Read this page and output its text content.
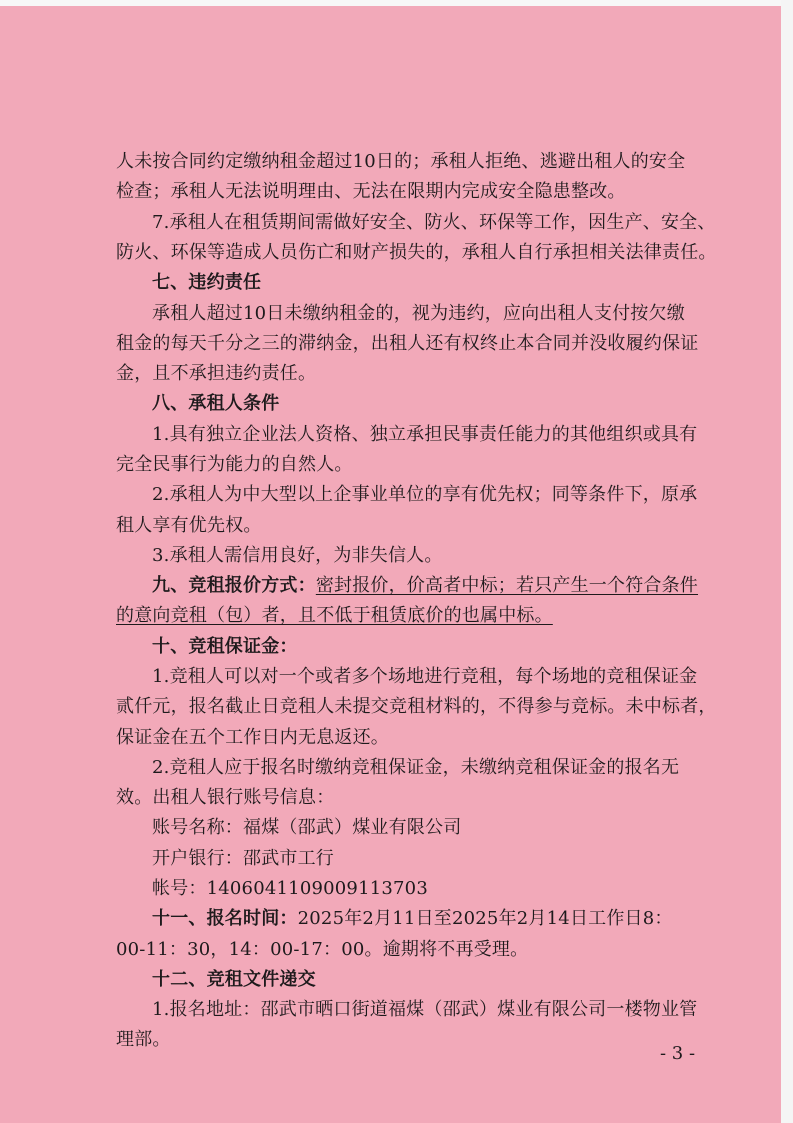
人未按合同约定缴纳租金超过10日的；承租人拒绝、逃避出租人的安全
检查；承租人无法说明理由、无法在限期内完成安全隐患整改。
7.承租人在租赁期间需做好安全、防火、环保等工作，因生产、安全、
防火、环保等造成人员伤亡和财产损失的，承租人自行承担相关法律责任。
七、违约责任
承租人超过10日未缴纳租金的，视为违约，应向出租人支付按欠缴
租金的每天千分之三的滞纳金，出租人还有权终止本合同并没收履约保证
金，且不承担违约责任。
八、承租人条件
1.具有独立企业法人资格、独立承担民事责任能力的其他组织或具有
完全民事行为能力的自然人。
2.承租人为中大型以上企事业单位的享有优先权；同等条件下，原承
租人享有优先权。
3.承租人需信用良好，为非失信人。
九、竞租报价方式：密封报价，价高者中标；若只产生一个符合条件
的意向竞租（包）者，且不低于租赁底价的也属中标。
十、竞租保证金：
1.竞租人可以对一个或者多个场地进行竞租，每个场地的竞租保证金
贰仟元，报名截止日竞租人未提交竞租材料的，不得参与竞标。未中标者，
保证金在五个工作日内无息返还。
2.竞租人应于报名时缴纳竞租保证金，未缴纳竞租保证金的报名无
效。出租人银行账号信息：
账号名称：福煤（邵武）煤业有限公司
开户银行：邵武市工行
帐号：1406041109009113703
十一、报名时间：2025年2月11日至2025年2月14日工作日8：
00-11：30，14：00-17：00。逾期将不再受理。
十二、竞租文件递交
1.报名地址：邵武市晒口街道福煤（邵武）煤业有限公司一楼物业管
理部。
- 3 -
